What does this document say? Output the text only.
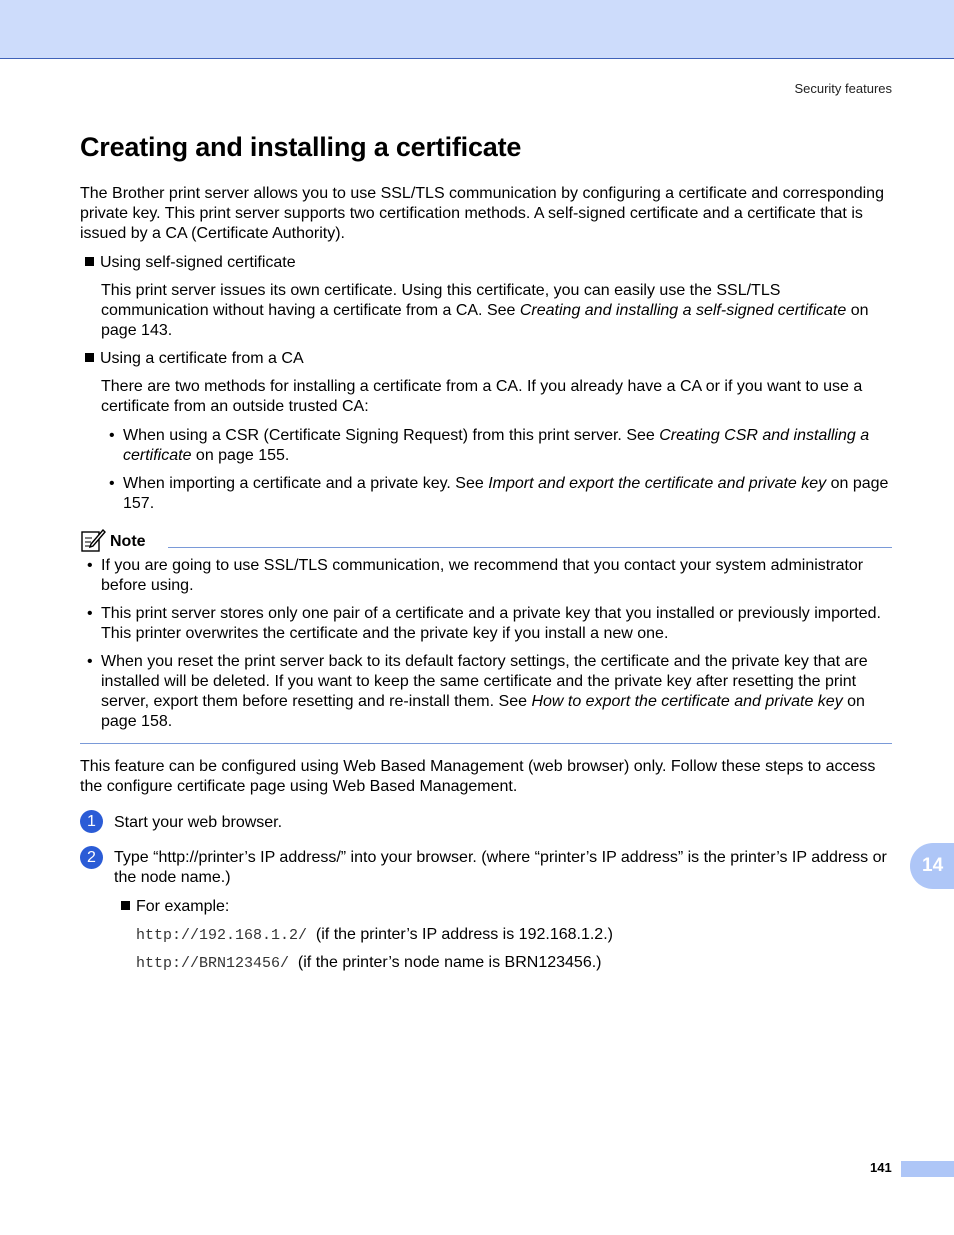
Security features
Creating and installing a certificate

The Brother print server allows you to use SSL/TLS communication by configuring a certificate and corresponding private key. This print server supports two certification methods. A self-signed certificate and a certificate that is issued by a CA (Certificate Authority).

Using self-signed certificate

This print server issues its own certificate. Using this certificate, you can easily use the SSL/TLS communication without having a certificate from a CA. See Creating and installing a self-signed certificate on page 143.

Using a certificate from a CA

There are two methods for installing a certificate from a CA. If you already have a CA or if you want to use a certificate from an outside trusted CA:

• When using a CSR (Certificate Signing Request) from this print server. See Creating CSR and installing a certificate on page 155.

• When importing a certificate and a private key. See Import and export the certificate and private key on page 157.

Note
• If you are going to use SSL/TLS communication, we recommend that you contact your system administrator before using.

• This print server stores only one pair of a certificate and a private key that you installed or previously imported. This printer overwrites the certificate and the private key if you install a new one.

• When you reset the print server back to its default factory settings, the certificate and the private key that are installed will be deleted. If you want to keep the same certificate and the private key after resetting the print server, export them before resetting and re-install them. See How to export the certificate and private key on page 158.

This feature can be configured using Web Based Management (web browser) only. Follow these steps to access the configure certificate page using Web Based Management.

1	Start your web browser.

2	Type “http://printer’s IP address/” into your browser. (where “printer’s IP address” is the printer’s IP address or the node name.)

For example:
http://192.168.1.2/ (if the printer’s IP address is 192.168.1.2.)
http://BRN123456/ (if the printer’s node name is BRN123456.)
14
141
